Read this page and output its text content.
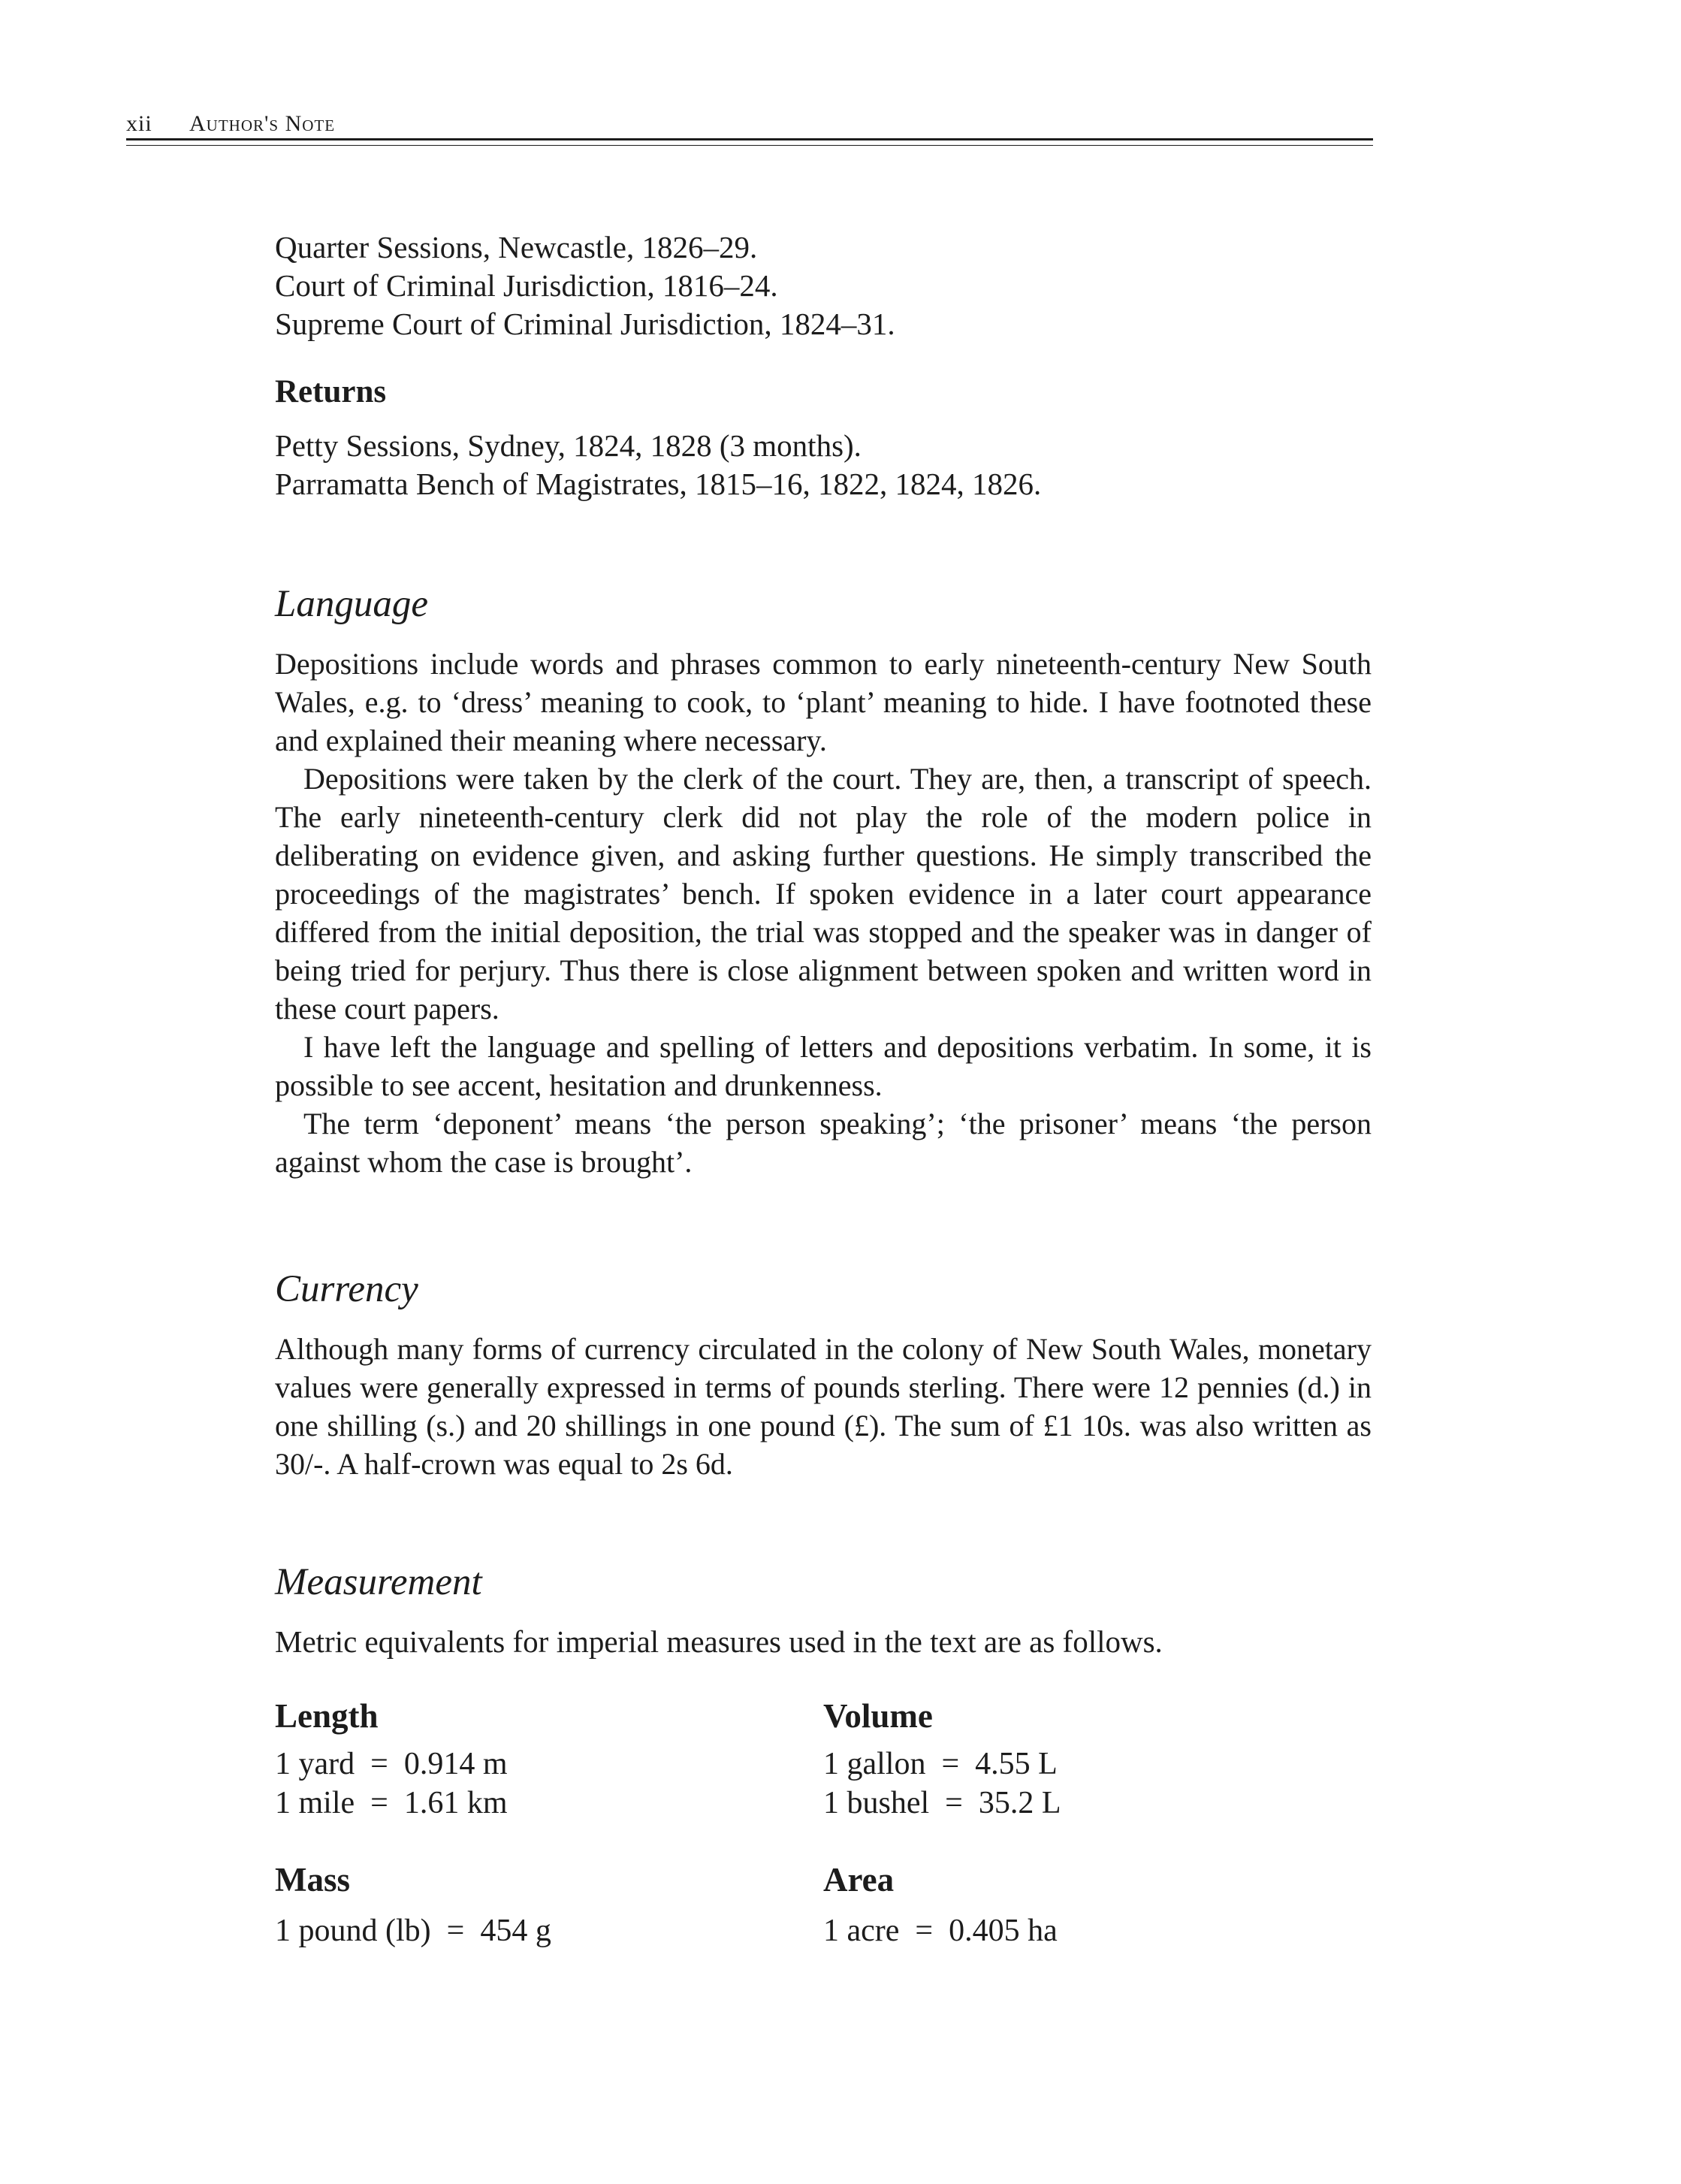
xii Author's Note
Quarter Sessions, Newcastle, 1826–29.
Court of Criminal Jurisdiction, 1816–24.
Supreme Court of Criminal Jurisdiction, 1824–31.
Returns
Petty Sessions, Sydney, 1824, 1828 (3 months).
Parramatta Bench of Magistrates, 1815–16, 1822, 1824, 1826.
Language

Depositions include words and phrases common to early nineteenth-century New South Wales, e.g. to ‘dress’ meaning to cook, to ‘plant’ meaning to hide. I have footnoted these and explained their meaning where necessary.

Depositions were taken by the clerk of the court. They are, then, a transcript of speech. The early nineteenth-century clerk did not play the role of the modern police in deliberating on evidence given, and asking further questions. He simply transcribed the proceedings of the magistrates’ bench. If spoken evidence in a later court appearance differed from the initial deposition, the trial was stopped and the speaker was in danger of being tried for perjury. Thus there is close alignment between spoken and written word in these court papers.

I have left the language and spelling of letters and depositions verbatim. In some, it is possible to see accent, hesitation and drunkenness.

The term ‘deponent’ means ‘the person speaking’; ‘the prisoner’ means ‘the person against whom the case is brought’.

Currency

Although many forms of currency circulated in the colony of New South Wales, monetary values were generally expressed in terms of pounds sterling. There were 12 pennies (d.) in one shilling (s.) and 20 shillings in one pound (£). The sum of £1 10s. was also written as 30/-. A half-crown was equal to 2s 6d.

Measurement
Metric equivalents for imperial measures used in the text are as follows.
Length
1 yard  =  0.914 m
1 mile  =  1.61 km
Volume
1 gallon  =  4.55 L
1 bushel  =  35.2 L
Mass
1 pound (lb)  =  454 g
Area
1 acre  =  0.405 ha
